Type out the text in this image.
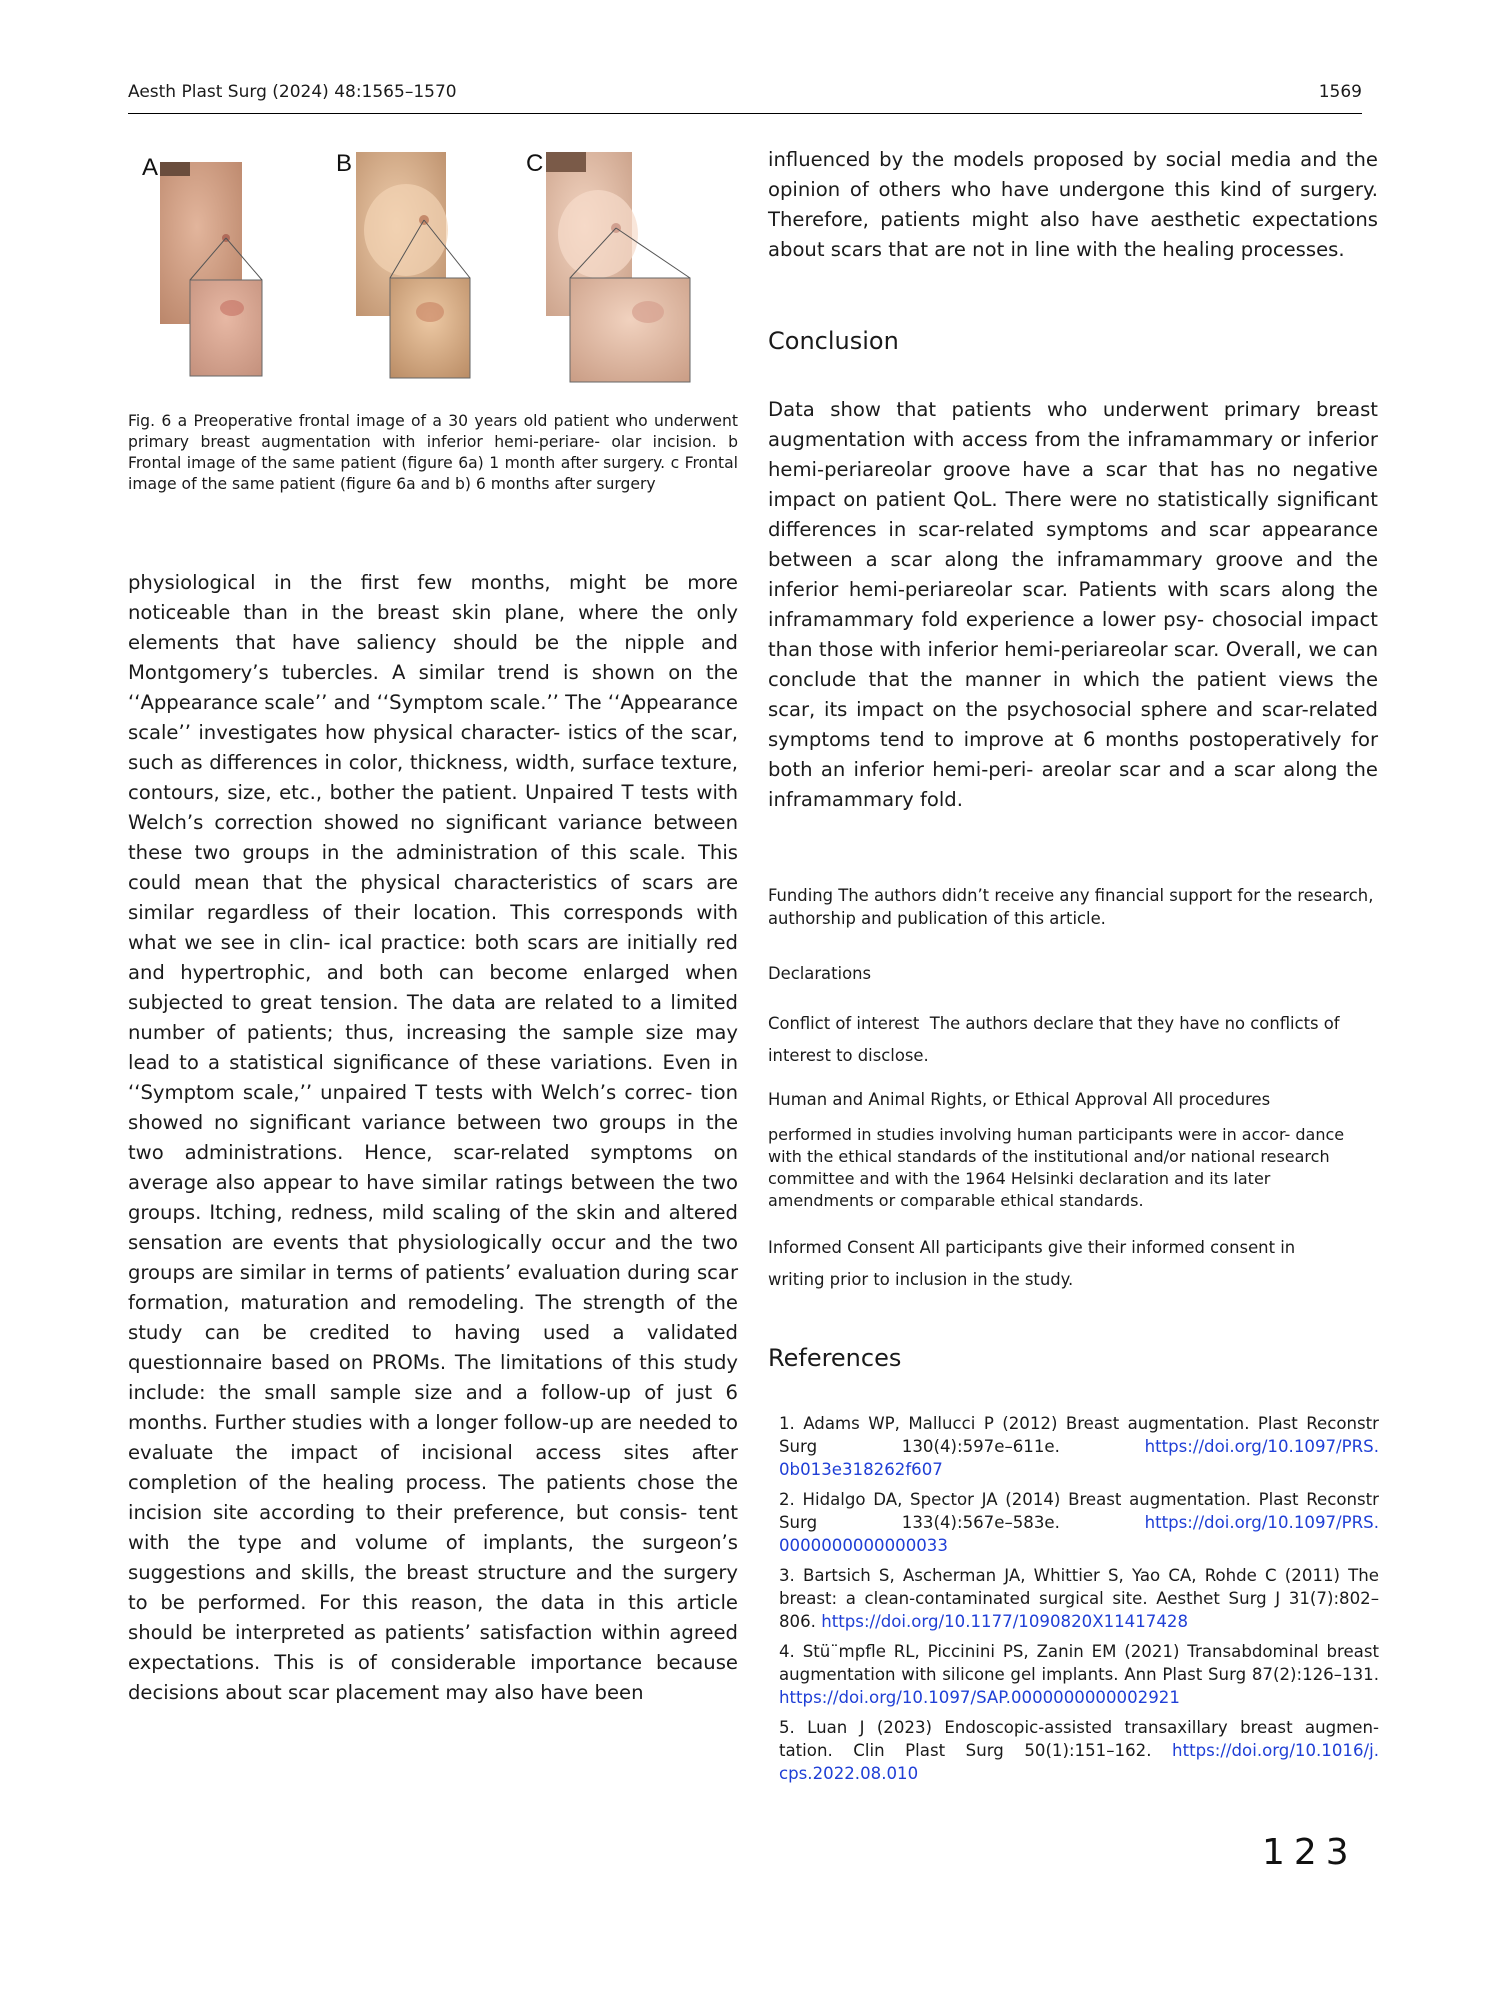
Aesth Plast Surg (2024) 48:1565–1570	1569
A	B	C
Fig. 6 a Preoperative frontal image of a 30 years old patient who underwent primary breast augmentation with inferior hemi-periare- olar incision. b Frontal image of the same patient (figure 6a) 1 month after surgery. c Frontal image of the same patient (figure 6a and b) 6 months after surgery

physiological in the first few months, might be more noticeable than in the breast skin plane, where the only elements that have saliency should be the nipple and Montgomery’s tubercles. A similar trend is shown on the ‘‘Appearance scale’’ and ‘‘Symptom scale.’’ The ‘‘Appearance scale’’ investigates how physical character- istics of the scar, such as differences in color, thickness, width, surface texture, contours, size, etc., bother the patient. Unpaired T tests with Welch’s correction showed no significant variance between these two groups in the administration of this scale. This could mean that the physical characteristics of scars are similar regardless of their location. This corresponds with what we see in clin- ical practice: both scars are initially red and hypertrophic, and both can become enlarged when subjected to great tension. The data are related to a limited number of patients; thus, increasing the sample size may lead to a statistical significance of these variations. Even in ‘‘Symptom scale,’’ unpaired T tests with Welch’s correc- tion showed no significant variance between two groups in the two administrations. Hence, scar-related symptoms on average also appear to have similar ratings between the two groups. Itching, redness, mild scaling of the skin and altered sensation are events that physiologically occur and the two groups are similar in terms of patients’ evaluation during scar formation, maturation and remodeling. The strength of the study can be credited to having used a validated questionnaire based on PROMs. The limitations of this study include: the small sample size and a follow-up of just 6 months. Further studies with a longer follow-up are needed to evaluate the impact of incisional access sites after completion of the healing process. The patients chose the incision site according to their preference, but consis- tent with the type and volume of implants, the surgeon’s suggestions and skills, the breast structure and the surgery to be performed. For this reason, the data in this article should be interpreted as patients’ satisfaction within agreed expectations. This is of considerable importance because decisions about scar placement may also have been

influenced by the models proposed by social media and the opinion of others who have undergone this kind of surgery. Therefore, patients might also have aesthetic expectations about scars that are not in line with the healing processes.

Conclusion

Data show that patients who underwent primary breast augmentation with access from the inframammary or inferior hemi-periareolar groove have a scar that has no negative impact on patient QoL. There were no statistically significant differences in scar-related symptoms and scar appearance between a scar along the inframammary groove and the inferior hemi-periareolar scar. Patients with scars along the inframammary fold experience a lower psy- chosocial impact than those with inferior hemi-periareolar scar. Overall, we can conclude that the manner in which the patient views the scar, its impact on the psychosocial sphere and scar-related symptoms tend to improve at 6 months postoperatively for both an inferior hemi-peri- areolar scar and a scar along the inframammary fold.

Funding The authors didn’t receive any financial support for the research, authorship and publication of this article.

Declarations

Conflict of interest The authors declare that they have no conflicts of

interest to disclose.

Human and Animal Rights, or Ethical Approval All procedures

performed in studies involving human participants were in accor- dance with the ethical standards of the institutional and/or national research committee and with the 1964 Helsinki declaration and its later amendments or comparable ethical standards.

Informed Consent All participants give their informed consent in

writing prior to inclusion in the study.

References
1. Adams WP, Mallucci P (2012) Breast augmentation. Plast Reconstr Surg 130(4):597e–611e. https://doi.org/10.1097/PRS. 0b013e318262f607
2. Hidalgo DA, Spector JA (2014) Breast augmentation. Plast Reconstr Surg 133(4):567e–583e. https://doi.org/10.1097/PRS. 0000000000000033
3. Bartsich S, Ascherman JA, Whittier S, Yao CA, Rohde C (2011) The breast: a clean-contaminated surgical site. Aesthet Surg J 31(7):802–806. https://doi.org/10.1177/1090820X11417428
4. Stü¨mpfle RL, Piccinini PS, Zanin EM (2021) Transabdominal breast augmentation with silicone gel implants. Ann Plast Surg 87(2):126–131. https://doi.org/10.1097/SAP.0000000000002921
5. Luan J (2023) Endoscopic-assisted transaxillary breast augmen- tation. Clin Plast Surg 50(1):151–162. https://doi.org/10.1016/j. cps.2022.08.010
123
